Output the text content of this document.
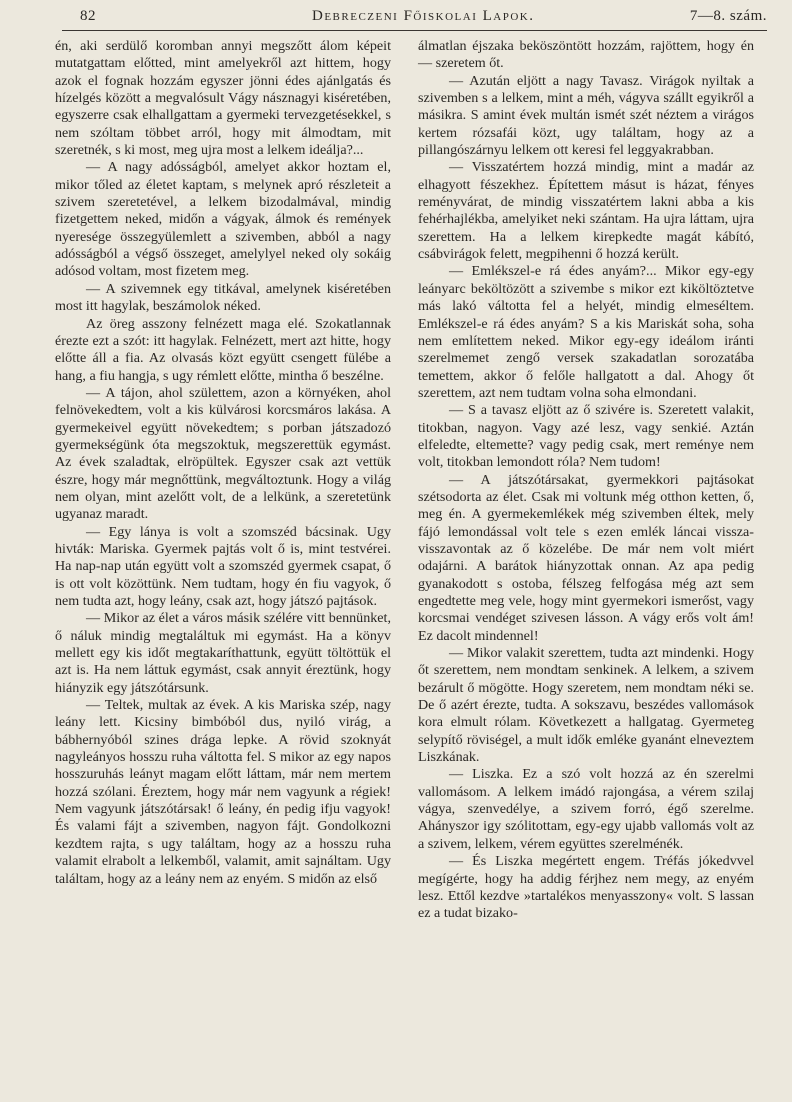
82	Debreczeni Főiskolai Lapok.	7—8. szám.

én, aki serdülő koromban annyi megszőtt álom képeit mutatgattam előtted, mint amelyekről azt hittem, hogy azok el fognak hozzám egyszer jönni édes ajánlgatás és hízelgés között a megvalósult Vágy násznagyi kiséretében, egyszerre csak elhallgattam a gyermeki tervezgetésekkel, s nem szóltam többet arról, hogy mit álmodtam, mit szeretnék, s ki most, meg ujra most a lelkem ideálja?...

— A nagy adósságból, amelyet akkor hoztam el, mikor tőled az életet kaptam, s melynek apró részleteit a szivem szeretetével, a lelkem bizodalmával, mindig fizetgettem neked, midőn a vágyak, álmok és remények nyeresége összegyülemlett a szivemben, abból a nagy adósságból a végső összeget, amelylyel neked oly sokáig adósod voltam, most fizetem meg.

— A szivemnek egy titkával, amelynek kiséretében most itt hagylak, beszámolok néked.

Az öreg asszony felnézett maga elé. Szokatlannak érezte ezt a szót: itt hagylak. Felnézett, mert azt hitte, hogy előtte áll a fia. Az olvasás közt együtt csengett fülébe a hang, a fiu hangja, s ugy rémlett előtte, mintha ő beszélne.

— A tájon, ahol születtem, azon a környéken, ahol felnövekedtem, volt a kis külvárosi korcsmáros lakása. A gyermekeivel együtt növekedtem; s porban játszadozó gyermekségünk óta megszoktuk, megszerettük egymást. Az évek szaladtak, elröpültek. Egyszer csak azt vettük észre, hogy már megnőttünk, megváltoztunk. Hogy a világ nem olyan, mint azelőtt volt, de a lelkünk, a szeretetünk ugyanaz maradt.

— Egy lánya is volt a szomszéd bácsinak. Ugy hivták: Mariska. Gyermek pajtás volt ő is, mint testvérei. Ha nap-nap után együtt volt a szomszéd gyermek csapat, ő is ott volt közöttünk. Nem tudtam, hogy én fiu vagyok, ő nem tudta azt, hogy leány, csak azt, hogy játszó pajtások.

— Mikor az élet a város másik szélére vitt bennünket, ő náluk mindig megtaláltuk mi egymást. Ha a könyv mellett egy kis időt megtakaríthattunk, együtt töltöttük el azt is. Ha nem láttuk egymást, csak annyit éreztünk, hogy hiányzik egy játszótársunk.

— Teltek, multak az évek. A kis Mariska szép, nagy leány lett. Kicsiny bimbóból dus, nyiló virág, a bábhernyóból szines drága lepke. A rövid szoknyát nagyleányos hosszu ruha váltotta fel. S mikor az egy napos hosszuruhás leányt magam előtt láttam, már nem mertem hozzá szólani. Éreztem, hogy már nem vagyunk a régiek! Nem vagyunk játszótársak! ő leány, én pedig ifju vagyok! És valami fájt a szivemben, nagyon fájt. Gondolkozni kezdtem rajta, s ugy találtam, hogy az a hosszu ruha valamit elrabolt a lelkemből, valamit, amit sajnáltam. Ugy találtam, hogy az a leány nem az enyém. S midőn az első

álmatlan éjszaka beköszöntött hozzám, rajöttem, hogy én — szeretem őt.

— Azután eljött a nagy Tavasz. Virágok nyiltak a szivemben s a lelkem, mint a méh, vágyva szállt egyikről a másikra. S amint évek multán ismét szét néztem a virágos kertem rózsafái közt, ugy találtam, hogy az a pillangószárnyu lelkem ott keresi fel leggyakrabban.

— Visszatértem hozzá mindig, mint a madár az elhagyott fészekhez. Építettem másut is házat, fényes reményvárat, de mindig visszatértem lakni abba a kis fehérhajlékba, amelyiket neki szántam. Ha ujra láttam, ujra szerettem. Ha a lelkem kirepkedte magát kábító, csábvirágok felett, megpihenni ő hozzá került.

— Emlékszel-e rá édes anyám?... Mikor egy-egy leányarc beköltözött a szivembe s mikor ezt kiköltöztetve más lakó váltotta fel a helyét, mindig elmeséltem. Emlékszel-e rá édes anyám? S a kis Mariskát soha, soha nem említettem neked. Mikor egy-egy ideálom iránti szerelmemet zengő versek szakadatlan sorozatába temettem, akkor ő felőle hallgatott a dal. Ahogy őt szerettem, azt nem tudtam volna soha elmondani.

— S a tavasz eljött az ő szivére is. Szeretett valakit, titokban, nagyon. Vagy azé lesz, vagy senkié. Aztán elfeledte, eltemette? vagy pedig csak, mert reménye nem volt, titokban lemondott róla? Nem tudom!

— A játszótársakat, gyermekkori pajtásokat szétsodorta az élet. Csak mi voltunk még otthon ketten, ő, meg én. A gyermekemlékek még szivemben éltek, mely fájó lemondással volt tele s ezen emlék láncai vissza-visszavontak az ő közelébe. De már nem volt miért odajárni. A barátok hiányzottak onnan. Az apa pedig gyanakodott s ostoba, félszeg felfogása még azt sem engedtette meg vele, hogy mint gyermekori ismerőst, vagy korcsmai vendéget szivesen lásson. A vágy erős volt ám! Ez dacolt mindennel!

— Mikor valakit szerettem, tudta azt mindenki. Hogy őt szerettem, nem mondtam senkinek. A lelkem, a szivem bezárult ő mögötte. Hogy szeretem, nem mondtam néki se. De ő azért érezte, tudta. A sokszavu, beszédes vallomások kora elmult rólam. Következett a hallgatag. Gyermeteg selypítő röviségel, a mult idők emléke gyanánt elneveztem Liszkának.

— Liszka. Ez a szó volt hozzá az én szerelmi vallomásom. A lelkem imádó rajongása, a vérem szilaj vágya, szenvedélye, a szivem forró, égő szerelme. Ahányszor igy szólitottam, egy-egy ujabb vallomás volt az a szivem, lelkem, vérem együttes szerelménék.

— És Liszka megértett engem. Tréfás jókedvvel megígérte, hogy ha addig férjhez nem megy, az enyém lesz. Ettől kezdve »tartalékos menyasszony« volt. S lassan ez a tudat bizako-
